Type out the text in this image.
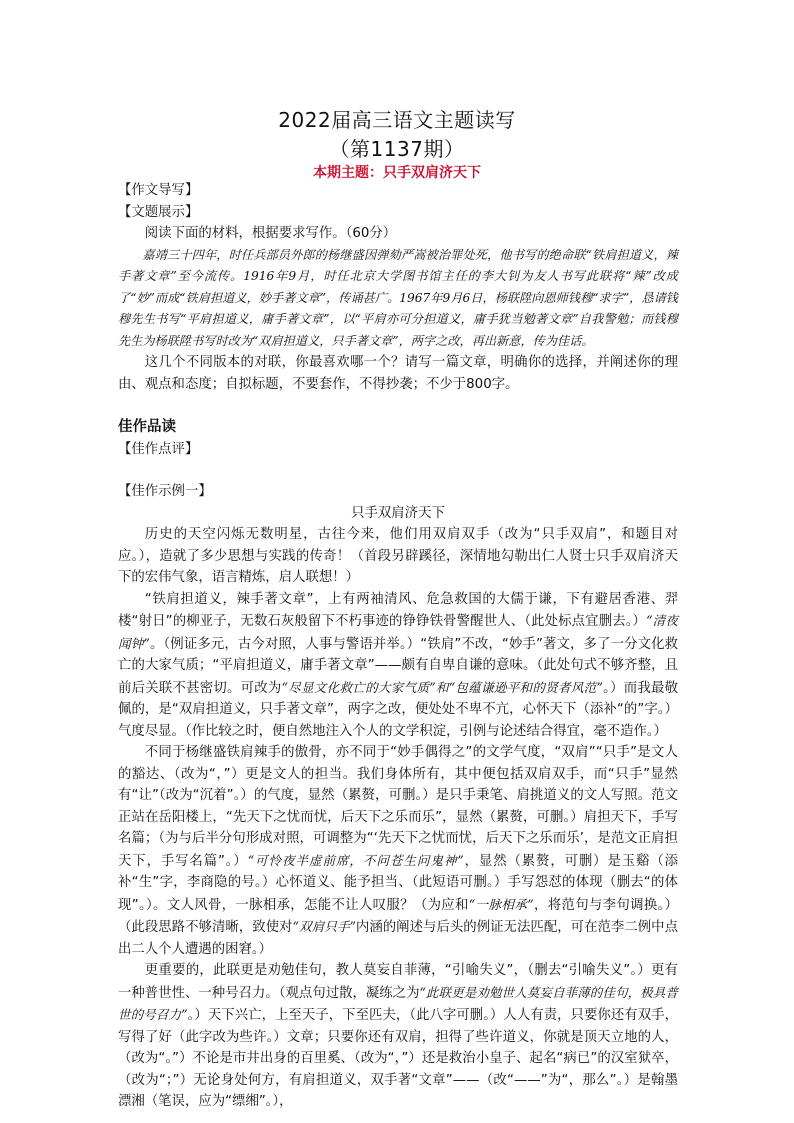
2022届高三语文主题读写
（第1137期）
本期主题：只手双肩济天下

【作文导写】

【文题展示】

阅读下面的材料，根据要求写作。（60分）

嘉靖三十四年，时任兵部员外郎的杨继盛因弹劾严嵩被治罪处死，他书写的绝命联“铁肩担道义，辣手著文章”至今流传。1916年9月，时任北京大学图书馆主任的李大钊为友人书写此联将“辣”改成了“妙”而成“铁肩担道义，妙手著文章”，传诵甚广。1967年9月6日，杨联陞向恩师钱穆“求字”，恳请钱穆先生书写“平肩担道义，庸手著文章”，以“平肩亦可分担道义，庸手犹当勉著文章”自我警勉；而钱穆先生为杨联陞书写时改为“双肩担道义，只手著文章”，两字之改，再出新意，传为佳话。

这几个不同版本的对联，你最喜欢哪一个？请写一篇文章，明确你的选择，并阐述你的理由、观点和态度；自拟标题，不要套作，不得抄袭；不少于800字。

佳作品读

【佳作点评】

【佳作示例一】

只手双肩济天下

历史的天空闪烁无数明星，古往今来，他们用双肩双手（改为“只手双肩”，和题目对应。），造就了多少思想与实践的传奇！（首段另辟蹊径，深情地勾勒出仁人贤士只手双肩济天下的宏伟气象，语言精炼，启人联想！）

“铁肩担道义，辣手著文章”，上有两袖清风、危急救国的大儒于谦，下有避居香港、羿楼“射日”的柳亚子，无数石灰般留下不朽事迹的铮铮铁骨警醒世人、（此处标点宜删去。）“清夜闻钟”。（例证多元，古今对照，人事与警语并举。）“铁肩”不改，“妙手”著文，多了一分文化救亡的大家气质；“平肩担道义，庸手著文章”——颇有自卑自谦的意味。（此处句式不够齐整，且前后关联不甚密切。可改为“尽显文化救亡的大家气质”和“包蕴谦逊平和的贤者风范”。）而我最敬佩的，是“双肩担道义，只手著文章”，两字之改，便处处不卑不亢，心怀天下（添补“的”字。）气度尽显。（作比较之时，便自然地注入个人的文学积淀，引例与论述结合得宜，毫不造作。）

不同于杨继盛铁肩辣手的傲骨，亦不同于“妙手偶得之”的文学气度，“双肩”“只手”是文人的豁达、（改为“，”）更是文人的担当。我们身体所有，其中便包括双肩双手，而“只手”显然有“让”（改为“沉着”。）的气度，显然（累赘，可删。）是只手秉笔、肩挑道义的文人写照。范文正站在岳阳楼上，“先天下之忧而忧，后天下之乐而乐”，显然（累赘，可删。）肩担天下，手写名篇；（为与后半分句形成对照，可调整为“‘先天下之忧而忧，后天下之乐而乐’，是范文正肩担天下，手写名篇”。）“可怜夜半虚前席，不问苍生问鬼神”，显然（累赘，可删）是玉谿（添补“生”字，李商隐的号。）心怀道义、能予担当、（此短语可删。）手写怨怼的体现（删去“的体现”。）。文人风骨，一脉相承，怎能不让人叹服？（为应和“一脉相承”，将范句与李句调换。）（此段思路不够清晰，致使对“双肩只手”内涵的阐述与后头的例证无法匹配，可在范李二例中点出二人个人遭遇的困窘。）

更重要的，此联更是劝勉佳句，教人莫妄自菲薄，“引喻失义”，（删去“引喻失义”。）更有一种普世性、一种号召力。（观点句过散，凝练之为“此联更是劝勉世人莫妄自菲薄的佳句，极具普世的号召力”。）天下兴亡，上至天子，下至匹夫，（此八字可删。）人人有责，只要你还有双手，写得了好（此字改为些许。）文章；只要你还有双肩，担得了些许道义，你就是顶天立地的人，（改为“。”）不论是市井出身的百里奚、（改为“，”）还是救治小皇子、起名“病已”的汉室狱卒，（改为“；”）无论身处何方，有肩担道义，双手著“文章”——（改“——”为“，那么”。）是翰墨漂湘（笔误，应为“缥缃”。），
